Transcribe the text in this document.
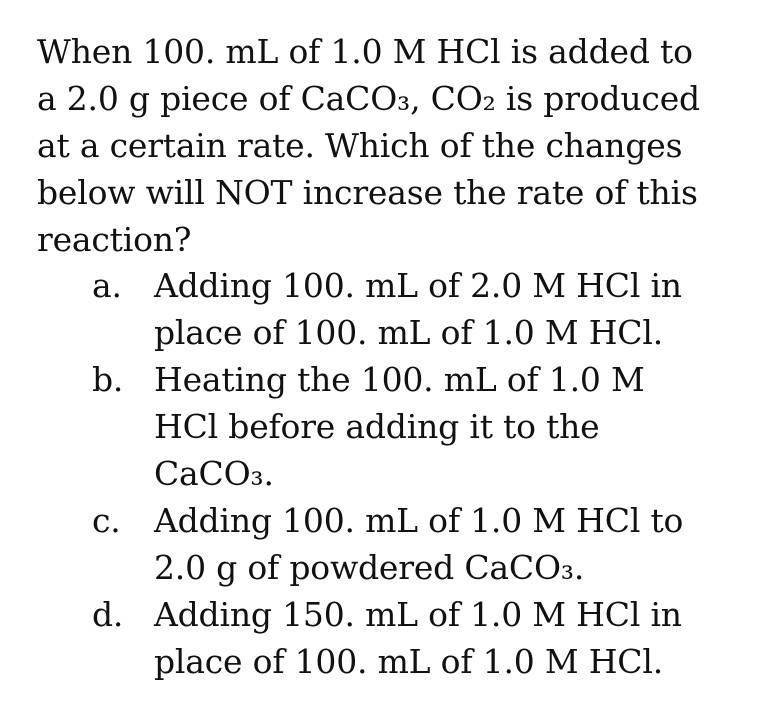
When 100. mL of 1.0 M HCl is added to
a 2.0 g piece of CaCO₃, CO₂ is produced
at a certain rate. Which of the changes
below will NOT increase the rate of this
reaction?
a. Adding 100. mL of 2.0 M HCl in
place of 100. mL of 1.0 M HCl.
b. Heating the 100. mL of 1.0 M
HCl before adding it to the
CaCO₃.
c. Adding 100. mL of 1.0 M HCl to
2.0 g of powdered CaCO₃.
d. Adding 150. mL of 1.0 M HCl in
place of 100. mL of 1.0 M HCl.
